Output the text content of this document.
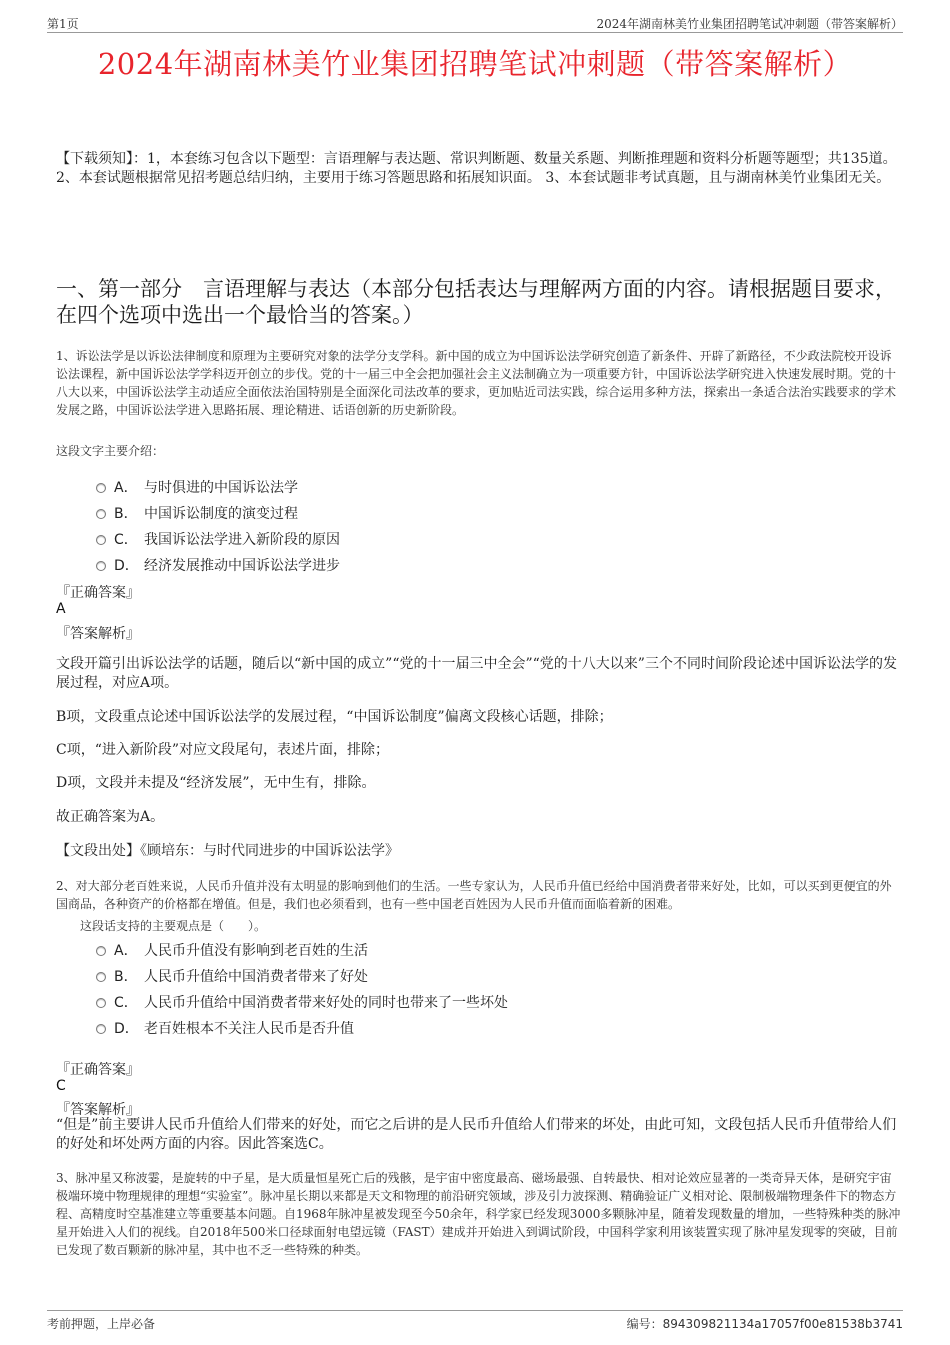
第1页	2024年湖南林美竹业集团招聘笔试冲刺题（带答案解析）
2024年湖南林美竹业集团招聘笔试冲刺题（带答案解析）
【下载须知】：1，本套练习包含以下题型：言语理解与表达题、常识判断题、数量关系题、判断推理题和资料分析题等题型；共135道。 2、本套试题根据常见招考题总结归纳，主要用于练习答题思路和拓展知识面。 3、本套试题非考试真题，且与湖南林美竹业集团无关。
一、第一部分　言语理解与表达（本部分包括表达与理解两方面的内容。请根据题目要求，在四个选项中选出一个最恰当的答案。）
1、诉讼法学是以诉讼法律制度和原理为主要研究对象的法学分支学科。新中国的成立为中国诉讼法学研究创造了新条件、开辟了新路径，不少政法院校开设诉讼法课程，新中国诉讼法学学科迈开创立的步伐。党的十一届三中全会把加强社会主义法制确立为一项重要方针，中国诉讼法学研究进入快速发展时期。党的十八大以来，中国诉讼法学主动适应全面依法治国特别是全面深化司法改革的要求，更加贴近司法实践，综合运用多种方法，探索出一条适合法治实践要求的学术发展之路，中国诉讼法学进入思路拓展、理论精进、话语创新的历史新阶段。
这段文字主要介绍：
A． 与时俱进的中国诉讼法学
B． 中国诉讼制度的演变过程
C． 我国诉讼法学进入新阶段的原因
D． 经济发展推动中国诉讼法学进步
『正确答案』
A
『答案解析』
文段开篇引出诉讼法学的话题，随后以“新中国的成立”“党的十一届三中全会”“党的十八大以来”三个不同时间阶段论述中国诉讼法学的发展过程，对应A项。
B项，文段重点论述中国诉讼法学的发展过程，“中国诉讼制度”偏离文段核心话题，排除；
C项，“进入新阶段”对应文段尾句，表述片面，排除；
D项，文段并未提及“经济发展”，无中生有，排除。
故正确答案为A。
【文段出处】《顾培东：与时代同进步的中国诉讼法学》
2、对大部分老百姓来说，人民币升值并没有太明显的影响到他们的生活。一些专家认为，人民币升值已经给中国消费者带来好处，比如，可以买到更便宜的外国商品，各种资产的价格都在增值。但是，我们也必须看到，也有一些中国老百姓因为人民币升值而面临着新的困难。
这段话支持的主要观点是（　　）。
A． 人民币升值没有影响到老百姓的生活
B． 人民币升值给中国消费者带来了好处
C． 人民币升值给中国消费者带来好处的同时也带来了一些坏处
D． 老百姓根本不关注人民币是否升值
『正确答案』
C
『答案解析』
“但是”前主要讲人民币升值给人们带来的好处，而它之后讲的是人民币升值给人们带来的坏处，由此可知，文段包括人民币升值带给人们的好处和坏处两方面的内容。因此答案选C。
3、脉冲星又称波霎，是旋转的中子星，是大质量恒星死亡后的残骸，是宇宙中密度最高、磁场最强、自转最快、相对论效应显著的一类奇异天体，是研究宇宙极端环境中物理规律的理想“实验室”。脉冲星长期以来都是天文和物理的前沿研究领域，涉及引力波探测、精确验证广义相对论、限制极端物理条件下的物态方程、高精度时空基准建立等重要基本问题。自1968年脉冲星被发现至今50余年，科学家已经发现3000多颗脉冲星，随着发现数量的增加，一些特殊种类的脉冲星开始进入人们的视线。自2018年500米口径球面射电望远镜（FAST）建成并开始进入到调试阶段，中国科学家利用该装置实现了脉冲星发现零的突破，目前已发现了数百颗新的脉冲星，其中也不乏一些特殊的种类。
考前押题，上岸必备	编号：894309821134a17057f00e81538b3741
